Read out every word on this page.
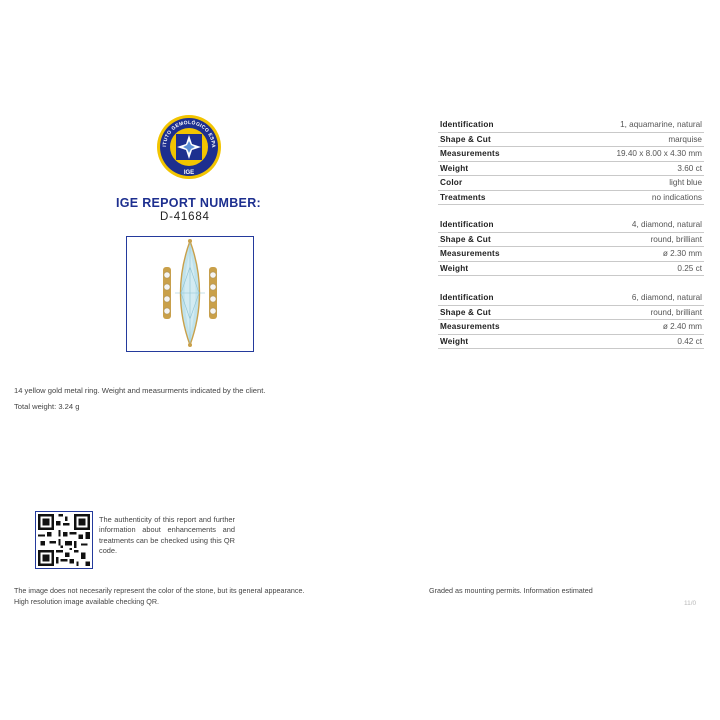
ITUTO GEMOLÓGICO ESPA
IGE
IGE REPORT NUMBER:
D-41684
14 yellow gold metal ring. Weight and measurments indicated by the client.
Total weight: 3.24 g
The authenticity of this report and further information about enhancements and treatments can be checked using this QR code.
The image does not necesarily represent the color of the stone, but its general appearance.
High resolution image available checking QR.
Graded as mounting permits. Information estimated
11/0
Identification	1, aquamarine, natural
Shape & Cut	marquise
Measurements	19.40 x 8.00 x 4.30 mm
Weight	3.60 ct
Color	light blue
Treatments	no indications
Identification	4, diamond, natural
Shape & Cut	round, brilliant
Measurements	ø 2.30 mm
Weight	0.25 ct
Identification	6, diamond, natural
Shape & Cut	round, brilliant
Measurements	ø 2.40 mm
Weight	0.42 ct
